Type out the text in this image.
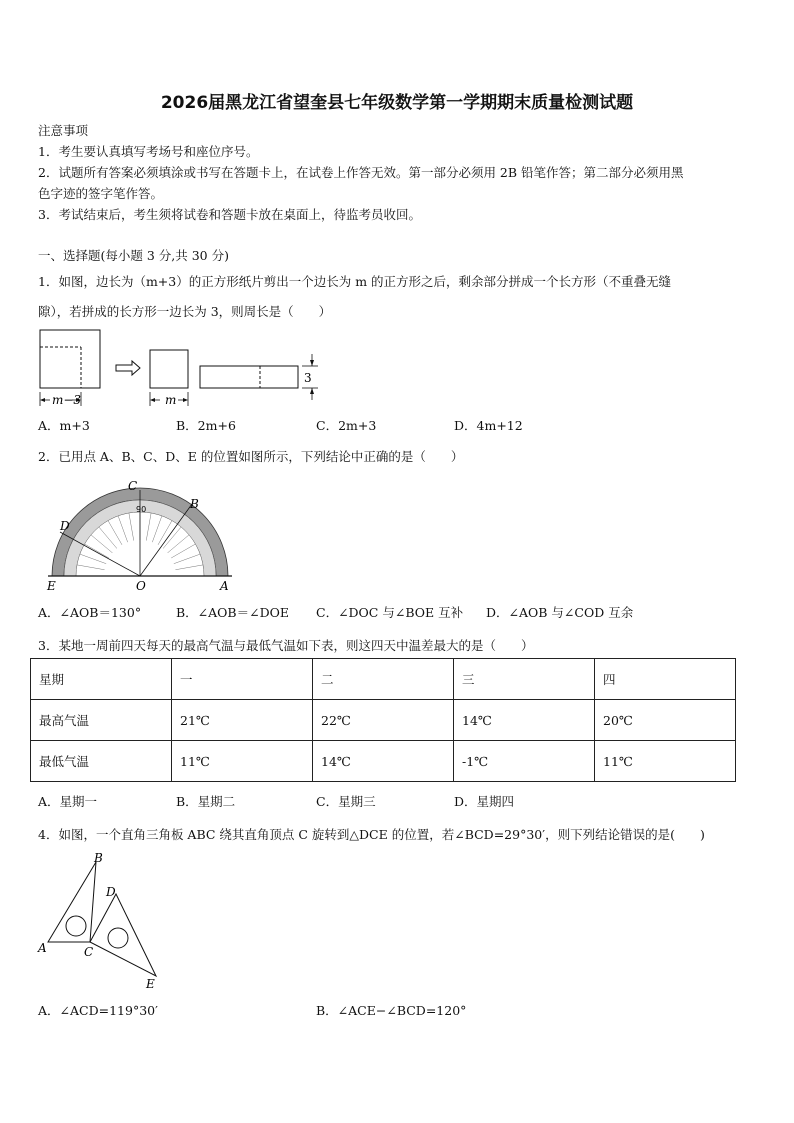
2026届黑龙江省望奎县七年级数学第一学期期末质量检测试题
注意事项
1．考生要认真填写考场号和座位序号。
2．试题所有答案必须填涂或书写在答题卡上，在试卷上作答无效。第一部分必须用 2B 铅笔作答；第二部分必须用黑
色字迹的签字笔作答。
3．考试结束后，考生须将试卷和答题卡放在桌面上，待监考员收回。
一、选择题(每小题 3 分,共 30 分)
1．如图，边长为（m+3）的正方形纸片剪出一个边长为 m 的正方形之后，剩余部分拼成一个长方形（不重叠无缝
隙），若拼成的长方形一边长为 3，则周长是（　　）
m−3	m
3
A．m+3	B．2m+6	C．2m+3	D．4m+12
2．已用点 A、B、C、D、E 的位置如图所示，下列结论中正确的是（　　）
90
C
B
D
E	O	A
A．∠AOB＝130°	B．∠AOB＝∠DOE C．∠DOC 与∠BOE 互补 D．∠AOB 与∠COD 互余
3．某地一周前四天每天的最高气温与最低气温如下表，则这四天中温差最大的是（　　）
星期	一	二	三	四
最高气温	21℃	22℃	14℃	20℃
最低气温	11℃	14℃	-1℃	11℃
A．星期一	B．星期二	C．星期三	D．星期四
4．如图，一个直角三角板 ABC 绕其直角顶点 C 旋转到△DCE 的位置，若∠BCD=29°30′，则下列结论错误的是(　　)
B
D
A	C
E
A．∠ACD=119°30′	B．∠ACE−∠BCD=120°
